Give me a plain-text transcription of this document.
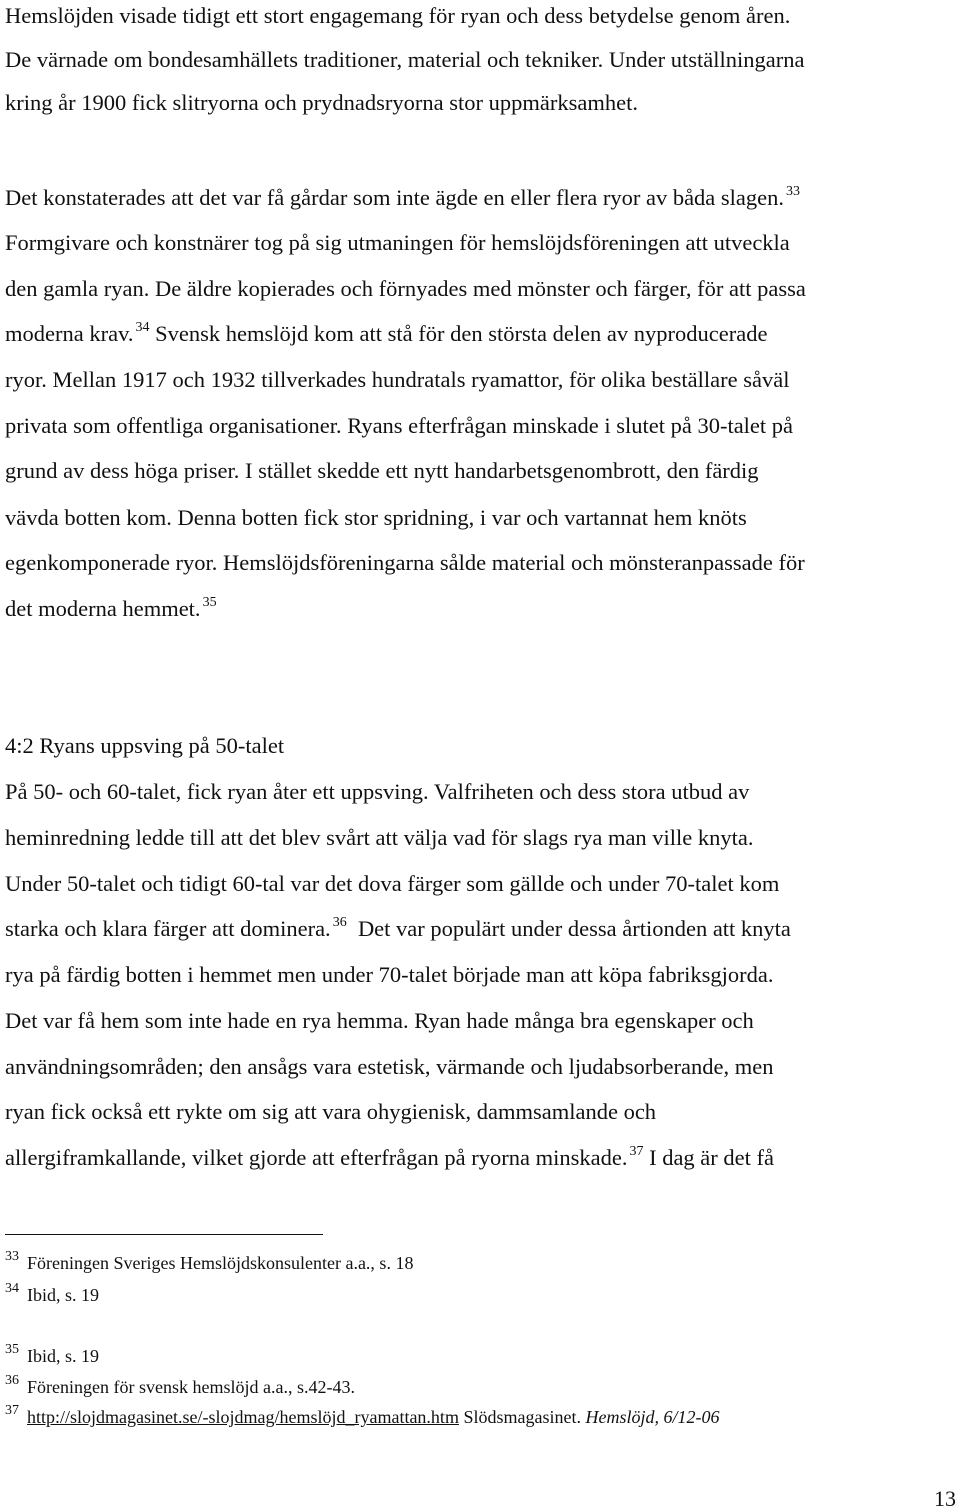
Hemslöjden visade tidigt ett stort engagemang för ryan och dess betydelse genom åren.
De värnade om bondesamhällets traditioner, material och tekniker. Under utställningarna
kring år 1900 fick slitryorna och prydnadsryorna stor uppmärksamhet.
Det konstaterades att det var få gårdar som inte ägde en eller flera ryor av båda slagen. $^{33}$
Formgivare och konstnärer tog på sig utmaningen för hemslöjdsföreningen att utveckla
den gamla ryan. De äldre kopierades och förnyades med mönster och färger, för att passa
moderna krav. $^{34}$ Svensk hemslöjd kom att stå för den största delen av nyproducerade
ryor. Mellan 1917 och 1932 tillverkades hundratals ryamattor, för olika beställare såväl
privata som offentliga organisationer. Ryans efterfrågan minskade i slutet på 30-talet på
grund av dess höga priser. I stället skedde ett nytt handarbetsgenombrott, den färdig
vävda botten kom. Denna botten fick stor spridning, i var och vartannat hem knöts
egenkomponerade ryor. Hemslöjdsföreningarna sålde material och mönsteranpassade för
det moderna hemmet. $^{35}$
4:2 Ryans uppsving på 50-talet
På 50- och 60-talet, fick ryan åter ett uppsving. Valfriheten och dess stora utbud av
heminredning ledde till att det blev svårt att välja vad för slags rya man ville knyta.
Under 50-talet och tidigt 60-tal var det dova färger som gällde och under 70-talet kom
starka och klara färger att dominera. $^{36}$  Det var populärt under dessa årtionden att knyta
rya på färdig botten i hemmet men under 70-talet började man att köpa fabriksgjorda.
Det var få hem som inte hade en rya hemma. Ryan hade många bra egenskaper och
användningsområden; den ansågs vara estetisk, värmande och ljudabsorberande, men
ryan fick också ett rykte om sig att vara ohygienisk, dammsamlande och
allergiframkallande, vilket gjorde att efterfrågan på ryorna minskade. $^{37}$ I dag är det få
$^{33}$ Föreningen Sveriges Hemslöjdskonsulenter a.a., s. 18
$^{34}$ Ibid, s. 19
$^{35}$ Ibid, s. 19
$^{36}$ Föreningen för svensk hemslöjd a.a., s.42-43.
$^{37}$ http://slojdmagasinet.se/-slojdmag/hemslöjd_ryamattan.htm Slödsmagasinet. Hemslöjd, 6/12-06
13
